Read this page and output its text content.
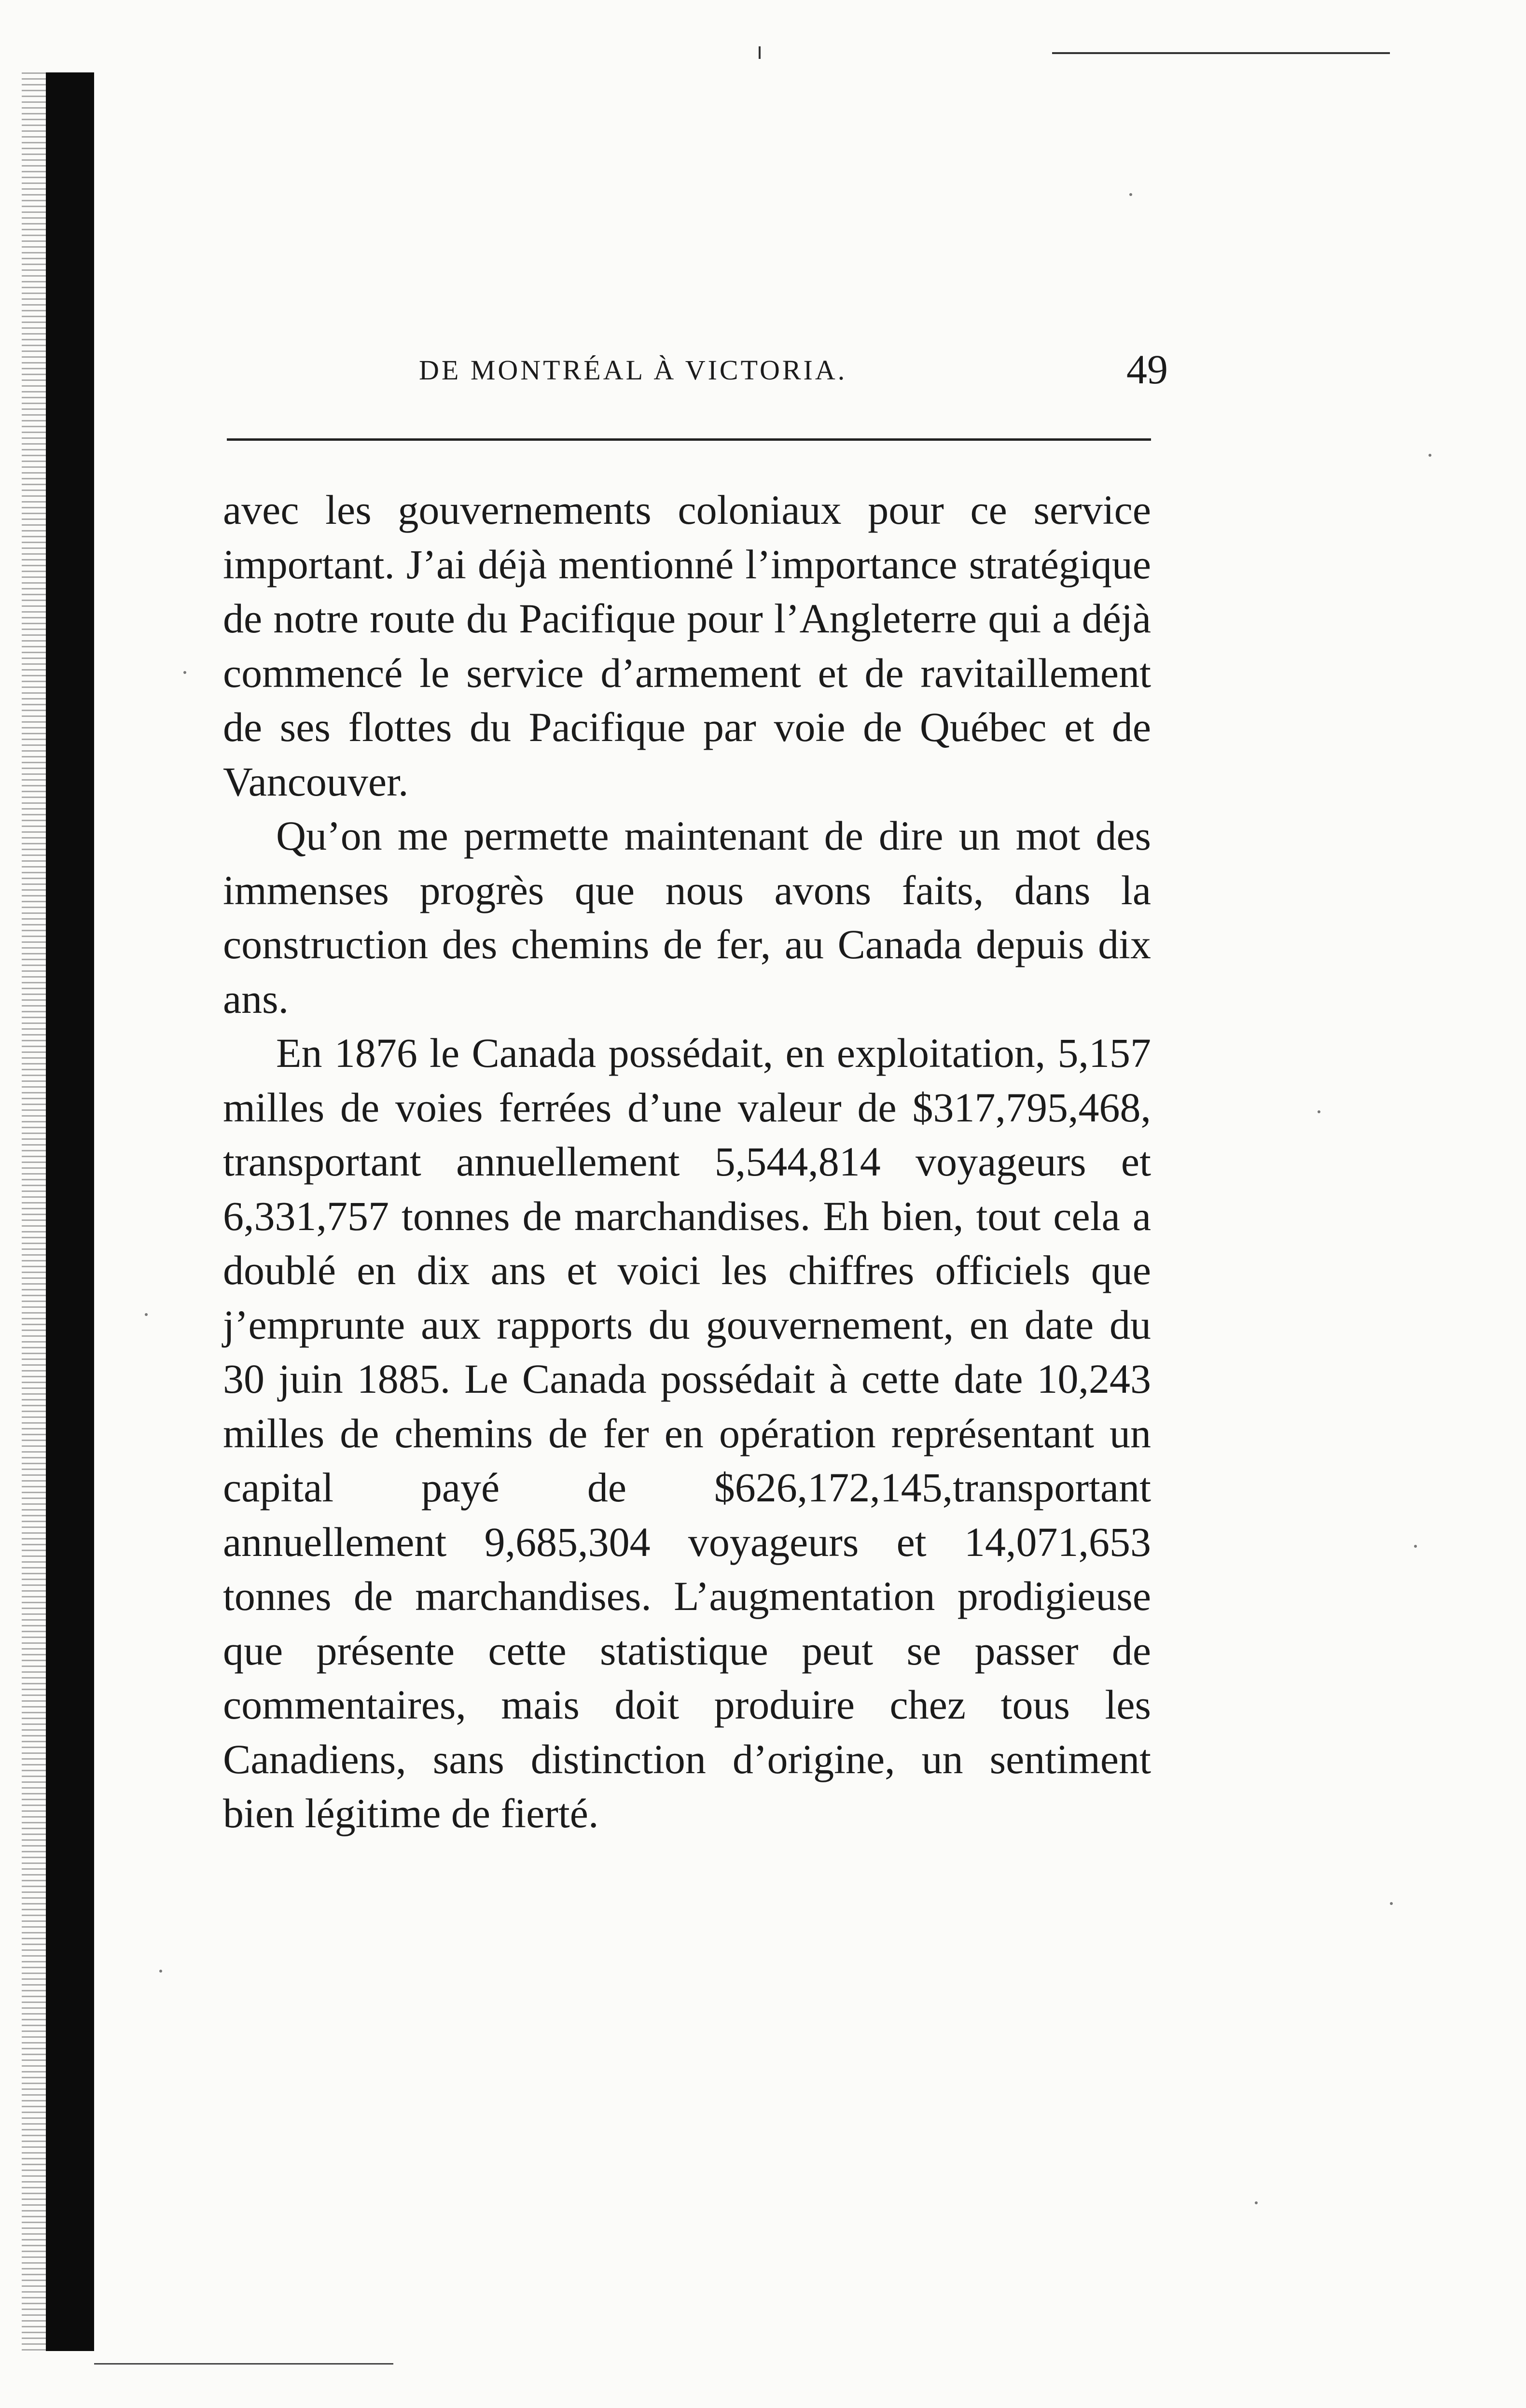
DE MONTRÉAL À VICTORIA.	49

avec les gouvernements coloniaux pour ce service important. J’ai déjà mentionné l’importance stratégique de notre route du Pacifique pour l’Angleterre qui a déjà commencé le service d’armement et de ravitaillement de ses flottes du Pacifique par voie de Québec et de Vancouver.

Qu’on me permette maintenant de dire un mot des immenses progrès que nous avons faits, dans la construction des chemins de fer, au Canada depuis dix ans.

En 1876 le Canada possédait, en exploitation, 5,157 milles de voies ferrées d’une valeur de $317,795,468, transportant annuellement 5,544,814 voyageurs et 6,331,757 tonnes de marchandises. Eh bien, tout cela a doublé en dix ans et voici les chiffres officiels que j’emprunte aux rapports du gouvernement, en date du 30 juin 1885. Le Canada possédait à cette date 10,243 milles de chemins de fer en opération représentant un capital payé de $626,172,145,transportant annuellement 9,685,304 voyageurs et 14,071,653 tonnes de marchandises. L’augmentation prodigieuse que présente cette statistique peut se passer de commentaires, mais doit produire chez tous les Canadiens, sans distinction d’origine, un sentiment bien légitime de fierté.
